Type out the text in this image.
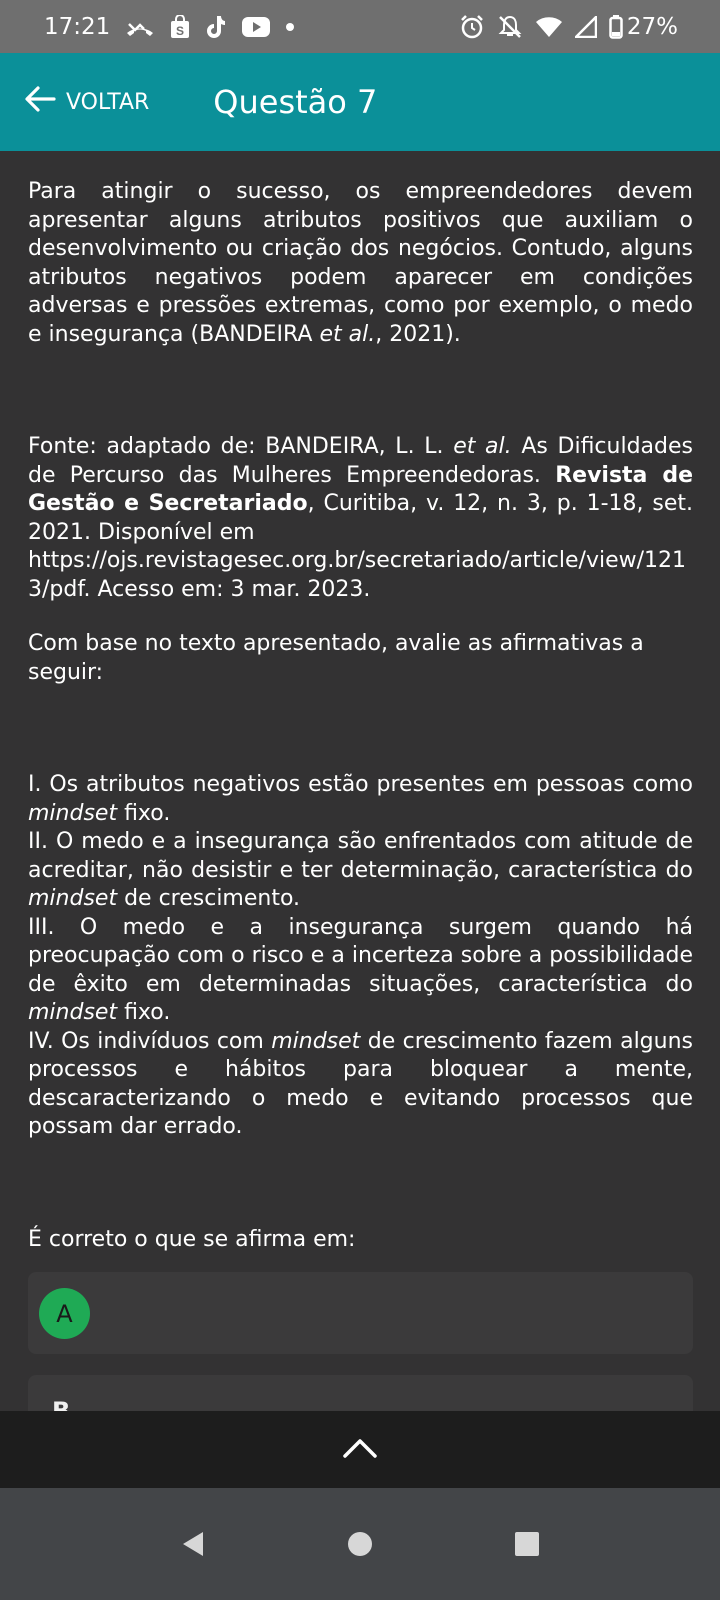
17:21	S	27%
VOLTAR Questão 7

Para atingir o sucesso, os empreendedores devem apresentar alguns atributos positivos que auxiliam o desenvolvimento ou criação dos negócios. Contudo, alguns atributos negativos podem aparecer em condições adversas e pressões extremas, como por exemplo, o medo e insegurança (BANDEIRA et al., 2021).

Fonte: adaptado de: BANDEIRA, L. L. et al. As Dificuldades de Percurso das Mulheres Empreendedoras. Revista de Gestão e Secretariado, Curitiba, v. 12, n. 3, p. 1-18, set. 2021. Disponível em
https://ojs.revistagesec.org.br/secretariado/article/view/1213/pdf. Acesso em: 3 mar. 2023.

Com base no texto apresentado, avalie as afirmativas a seguir:

I. Os atributos negativos estão presentes em pessoas como mindset fixo.

II. O medo e a insegurança são enfrentados com atitude de acreditar, não desistir e ter determinação, característica do mindset de crescimento.

III. O medo e a insegurança surgem quando há preocupação com o risco e a incerteza sobre a possibilidade de êxito em determinadas situações, característica do mindset fixo.

IV. Os indivíduos com mindset de crescimento fazem alguns processos e hábitos para bloquear a mente, descaracterizando o medo e evitando processos que possam dar errado.

É correto o que se afirma em:

A
